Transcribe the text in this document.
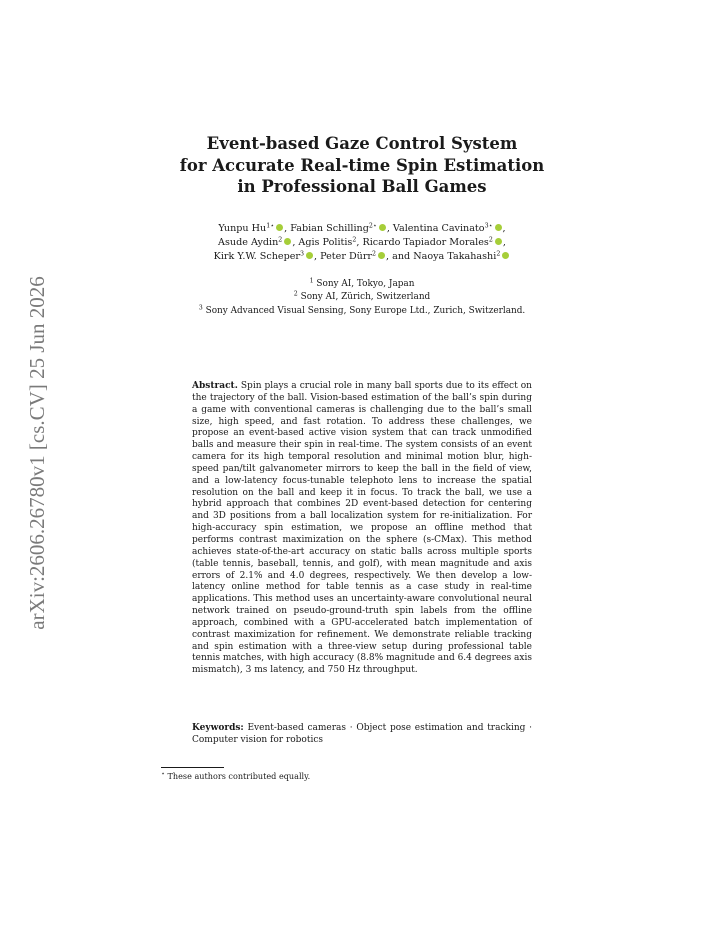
arXiv:2606.26780v1 [cs.CV] 25 Jun 2026
Event-based Gaze Control System
for Accurate Real-time Spin Estimation
in Professional Ball Games
Yunpu $Hu^{1⋆}$ , Fabian Schilling$^{2⋆}$ , Valentina Cavinato$^{3⋆}$ ,
Asude Aydin$^2$ , Agis Politis$^2$, Ricardo Tapiador Morales$^2$ ,
Kirk Y.W. Scheper$^3$ , Peter Dürr$^2$ , and Naoya Takahashi$^2$
$^1$ Sony AI, Tokyo, Japan
$^2$ Sony AI, Zürich, Switzerland
$^3$ Sony Advanced Visual Sensing, Sony Europe Ltd., Zurich, Switzerland.
Abstract. Spin plays a crucial role in many ball sports due to its effect on the trajectory of the ball. Vision-based estimation of the ball’s spin during a game with conventional cameras is challenging due to the ball’s small size, high speed, and fast rotation. To address these challenges, we propose an event-based active vision system that can track unmodified balls and measure their spin in real-time. The system consists of an event camera for its high temporal resolution and minimal motion blur, high-speed pan/tilt galvanometer mirrors to keep the ball in the field of view, and a low-latency focus-tunable telephoto lens to increase the spatial resolution on the ball and keep it in focus. To track the ball, we use a hybrid approach that combines 2D event-based detection for centering and 3D positions from a ball localization system for re-initialization. For high-accuracy spin estimation, we propose an offline method that performs contrast maximization on the sphere (s-CMax). This method achieves state-of-the-art accuracy on static balls across multiple sports (table tennis, baseball, tennis, and golf), with mean magnitude and axis errors of 2.1% and 4.0 degrees, respectively. We then develop a low-latency online method for table tennis as a case study in real-time applications. This method uses an uncertainty-aware convolutional neural network trained on pseudo-ground-truth spin labels from the offline approach, combined with a GPU-accelerated batch implementation of contrast maximization for refinement. We demonstrate reliable tracking and spin estimation with a three-view setup during professional table tennis matches, with high accuracy (8.8% magnitude and 6.4 degrees axis mismatch), 3 ms latency, and 750 Hz throughput.
Keywords: Event-based cameras · Object pose estimation and tracking · Computer vision for robotics
⋆ These authors contributed equally.
